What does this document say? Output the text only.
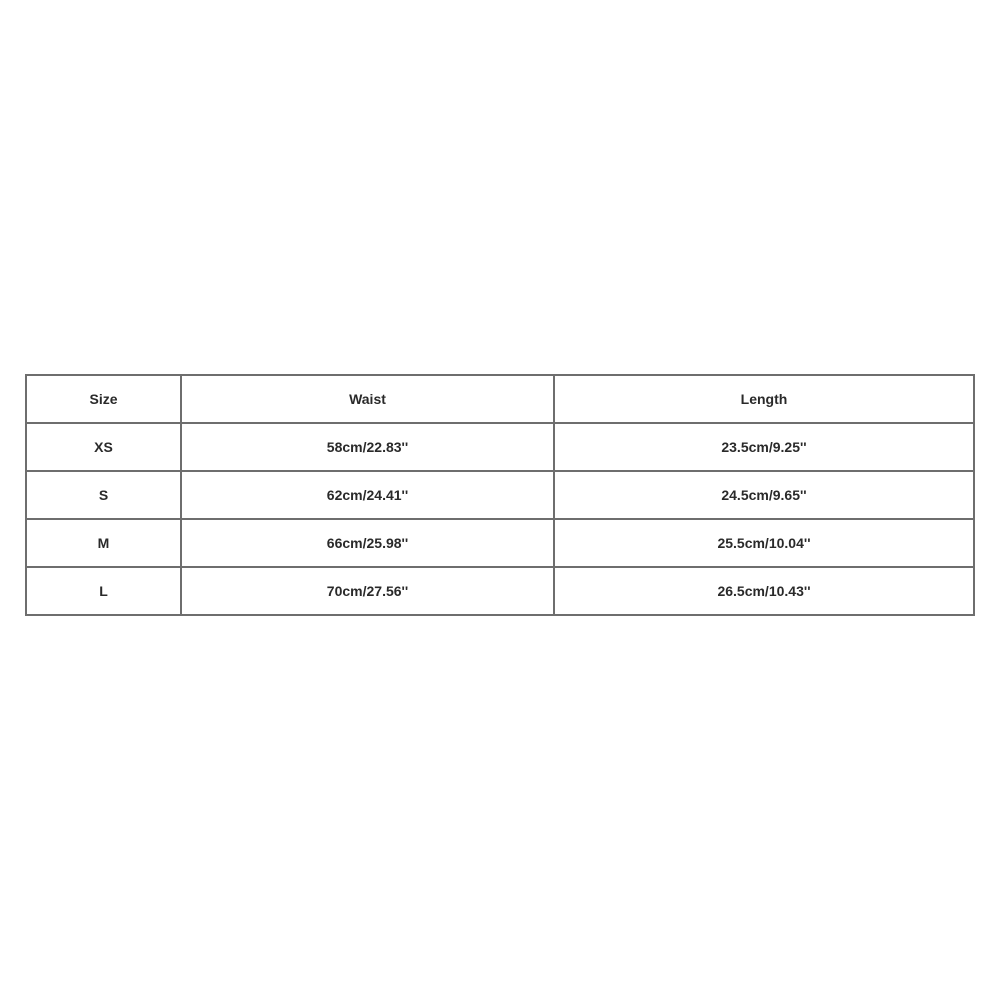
Size	Waist	Length
XS	58cm/22.83''	23.5cm/9.25''
S	62cm/24.41''	24.5cm/9.65''
M	66cm/25.98''	25.5cm/10.04''
L	70cm/27.56''	26.5cm/10.43''
